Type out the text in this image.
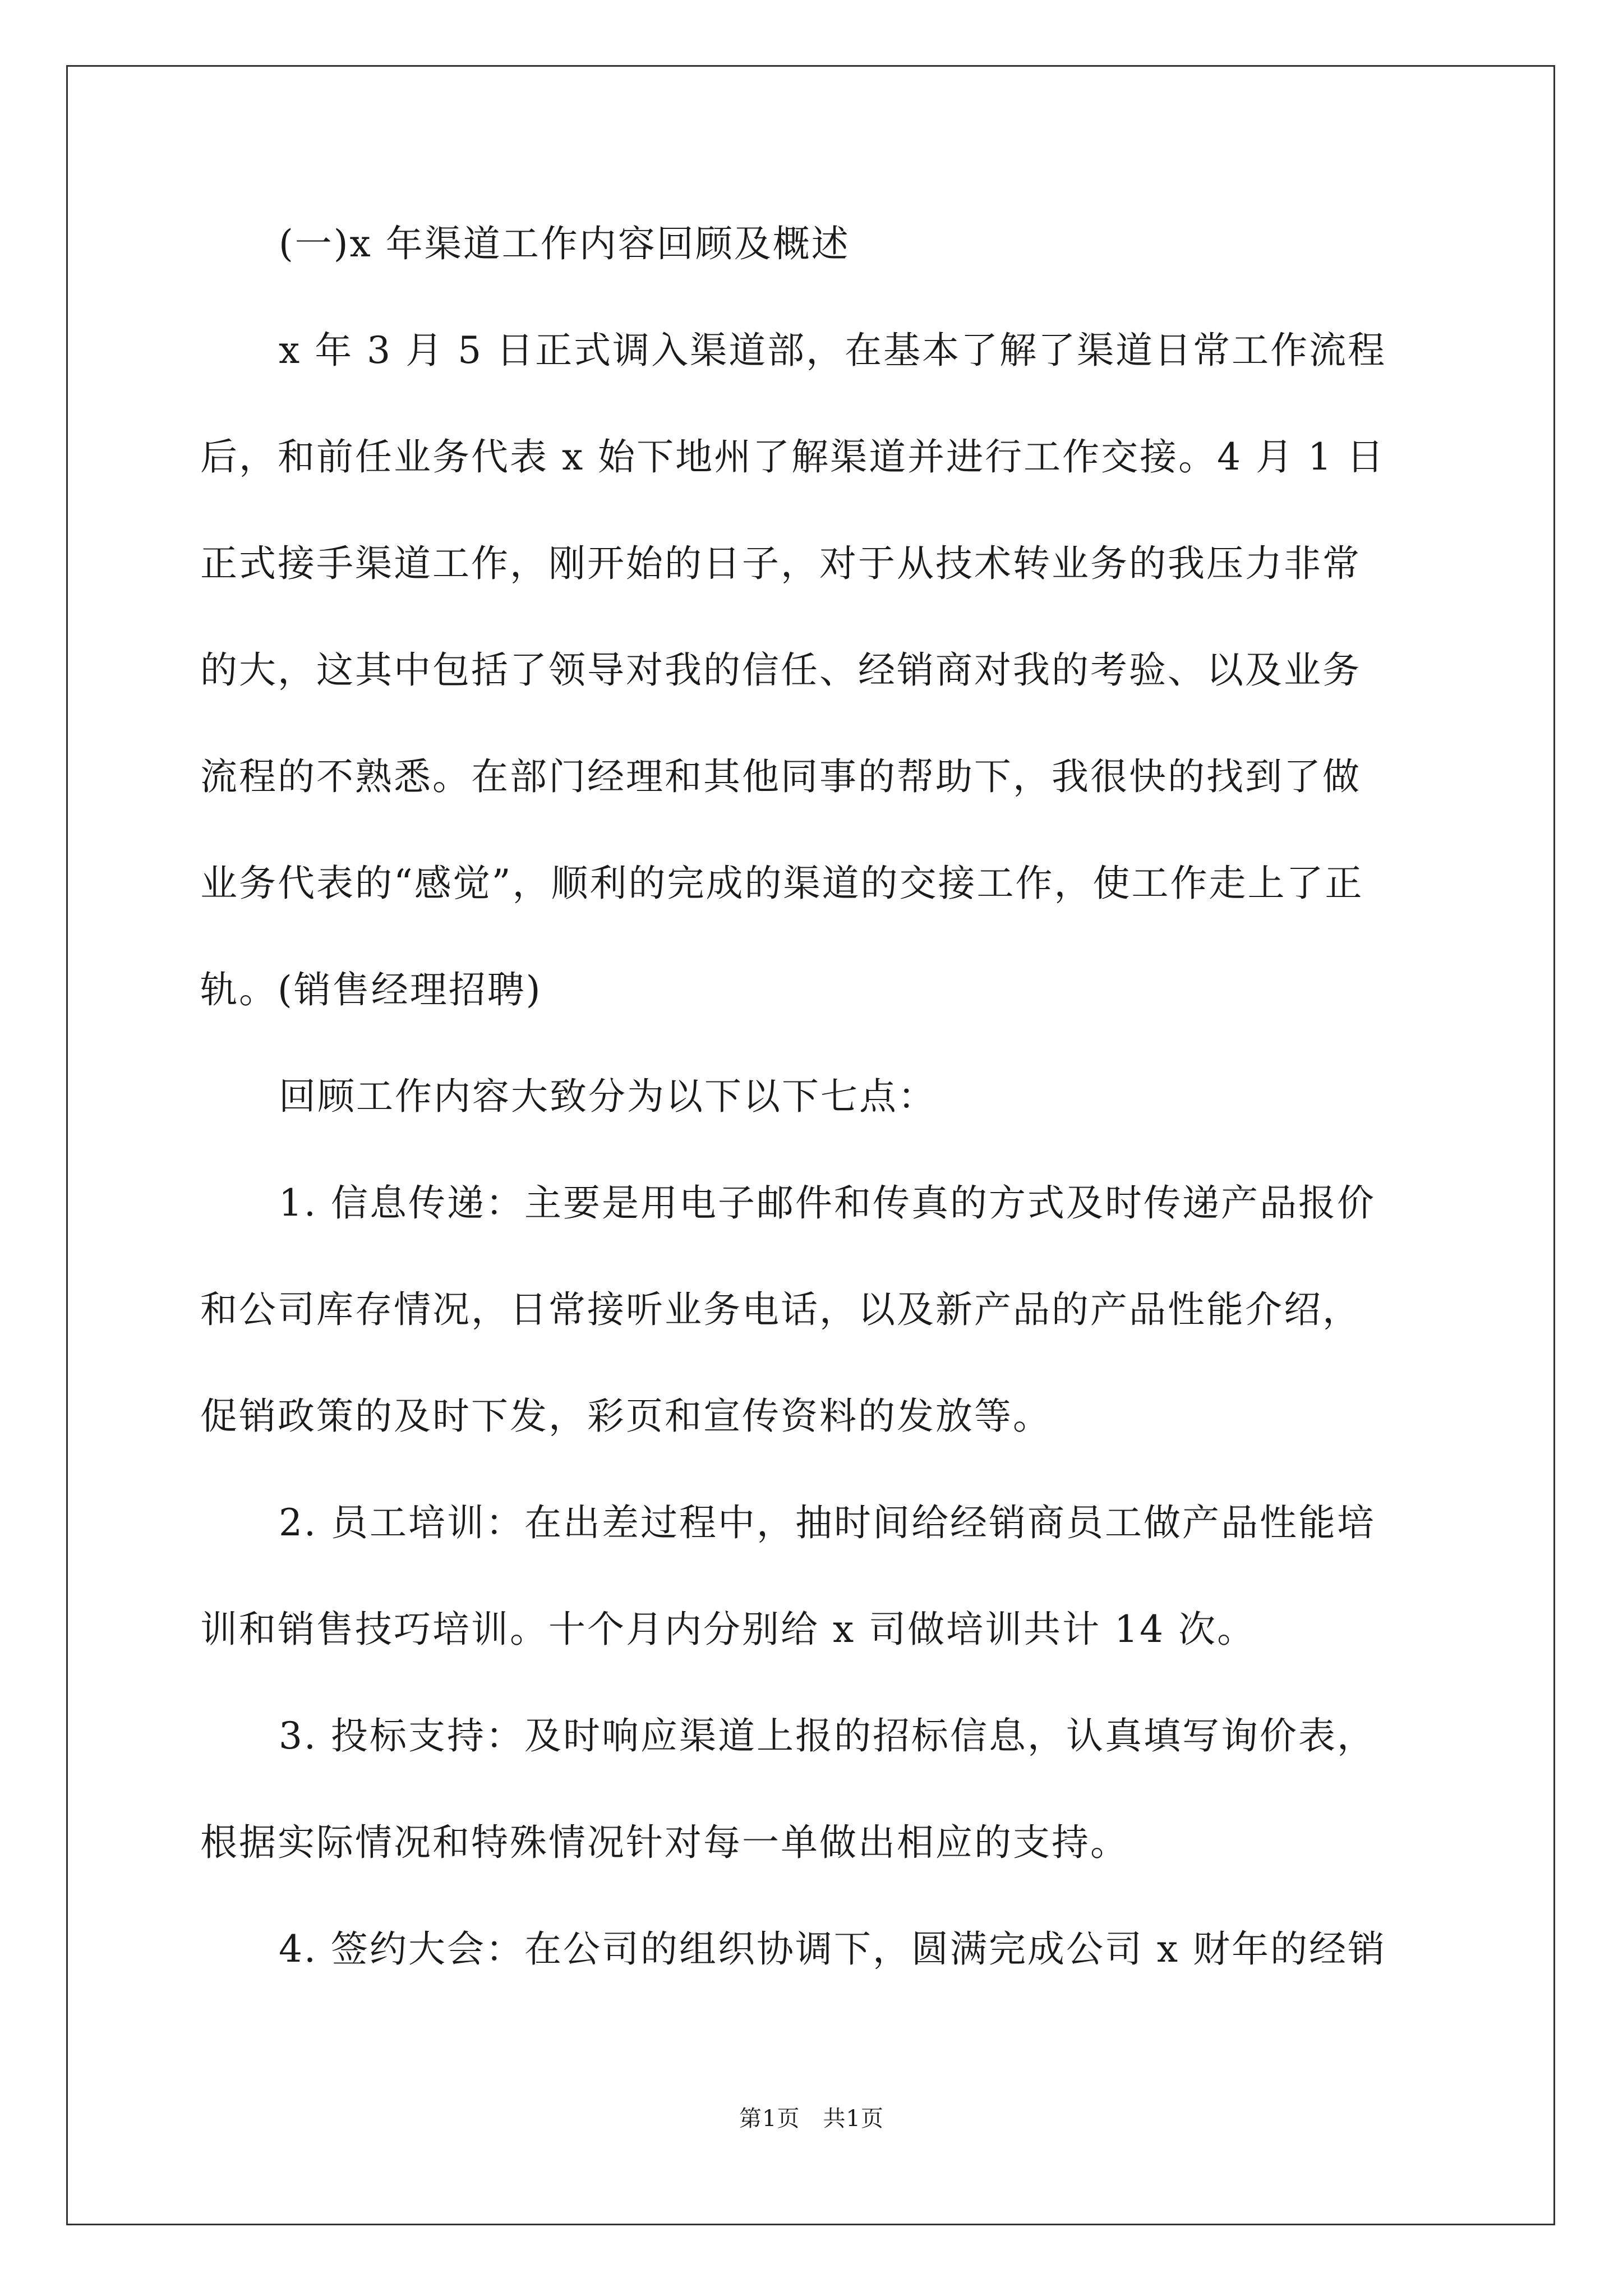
(一)x 年渠道工作内容回顾及概述
x 年 3 月 5 日正式调入渠道部，在基本了解了渠道日常工作流程
后，和前任业务代表 x 始下地州了解渠道并进行工作交接。4 月 1 日
正式接手渠道工作，刚开始的日子，对于从技术转业务的我压力非常
的大，这其中包括了领导对我的信任、经销商对我的考验、以及业务
流程的不熟悉。在部门经理和其他同事的帮助下，我很快的找到了做
业务代表的“感觉”，顺利的完成的渠道的交接工作，使工作走上了正
轨。(销售经理招聘)
回顾工作内容大致分为以下以下七点：
1. 信息传递：主要是用电子邮件和传真的方式及时传递产品报价
和公司库存情况，日常接听业务电话，以及新产品的产品性能介绍，
促销政策的及时下发，彩页和宣传资料的发放等。
2. 员工培训：在出差过程中，抽时间给经销商员工做产品性能培
训和销售技巧培训。十个月内分别给 x 司做培训共计 14 次。
3. 投标支持：及时响应渠道上报的招标信息，认真填写询价表，
根据实际情况和特殊情况针对每一单做出相应的支持。
4. 签约大会：在公司的组织协调下，圆满完成公司 x 财年的经销
第1页　共1页
